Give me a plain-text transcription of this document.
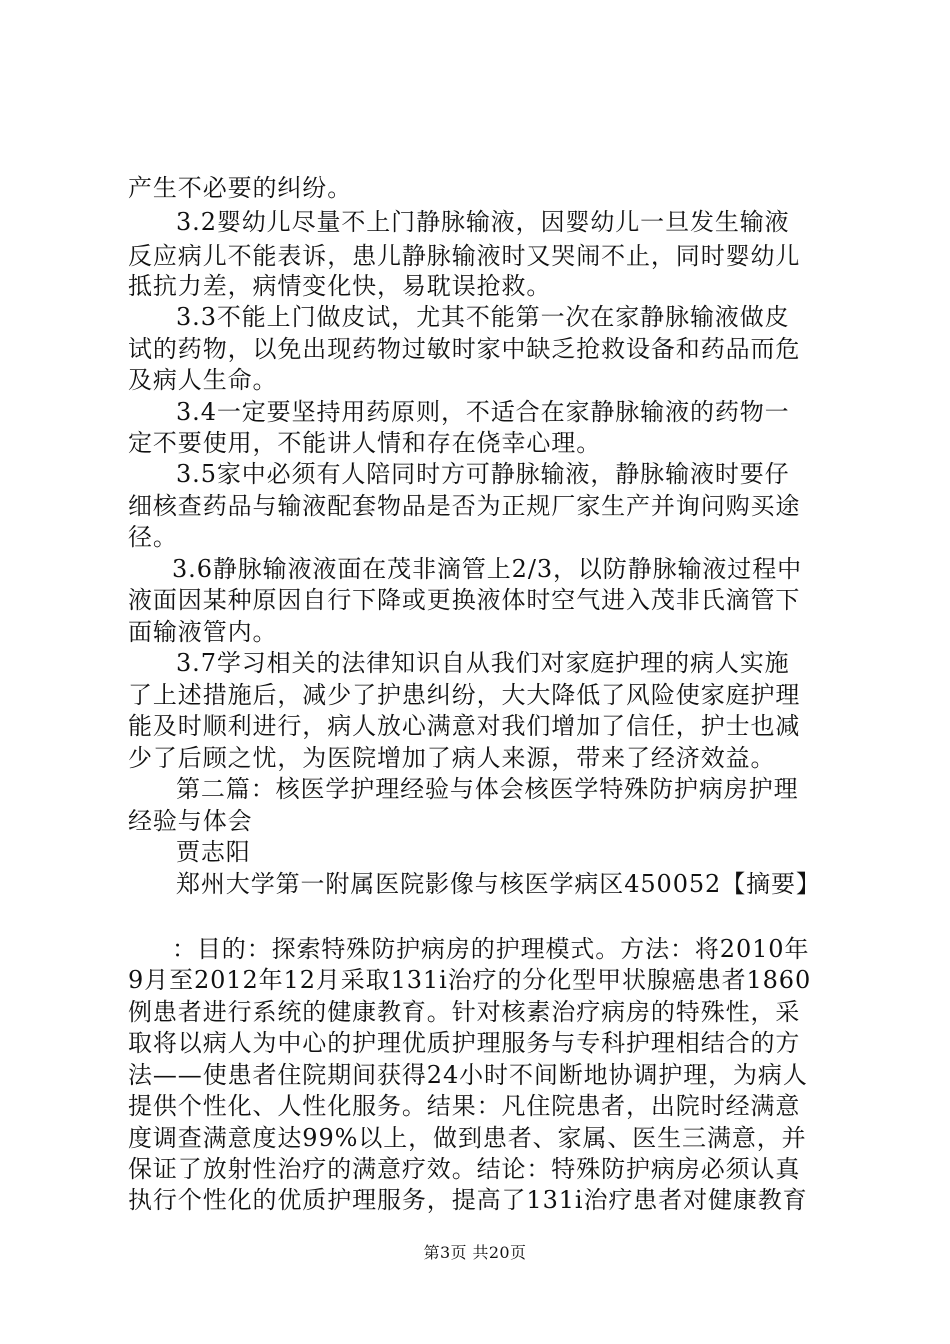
产生不必要的纠纷。
3.2婴幼儿尽量不上门静脉输液，因婴幼儿一旦发生输液
反应病儿不能表诉，患儿静脉输液时又哭闹不止，同时婴幼儿
抵抗力差，病情变化快，易耽误抢救。
3.3不能上门做皮试，尤其不能第一次在家静脉输液做皮
试的药物，以免出现药物过敏时家中缺乏抢救设备和药品而危
及病人生命。
3.4一定要坚持用药原则，不适合在家静脉输液的药物一
定不要使用，不能讲人情和存在侥幸心理。
3.5家中必须有人陪同时方可静脉输液，静脉输液时要仔
细核查药品与输液配套物品是否为正规厂家生产并询问购买途
径。
3.6静脉输液液面在茂非滴管上2/3，以防静脉输液过程中
液面因某种原因自行下降或更换液体时空气进入茂非氏滴管下
面输液管内。
3.7学习相关的法律知识自从我们对家庭护理的病人实施
了上述措施后，减少了护患纠纷，大大降低了风险使家庭护理
能及时顺利进行，病人放心满意对我们增加了信任，护士也减
少了后顾之忧，为医院增加了病人来源，带来了经济效益。
第二篇：核医学护理经验与体会核医学特殊防护病房护理
经验与体会
贾志阳
郑州大学第一附属医院影像与核医学病区450052【摘要】
：目的：探索特殊防护病房的护理模式。方法：将2010年
9月至2012年12月采取131i治疗的分化型甲状腺癌患者1860
例患者进行系统的健康教育。针对核素治疗病房的特殊性，采
取将以病人为中心的护理优质护理服务与专科护理相结合的方
法——使患者住院期间获得24小时不间断地协调护理，为病人
提供个性化、人性化服务。结果：凡住院患者，出院时经满意
度调查满意度达99%以上，做到患者、家属、医生三满意，并
保证了放射性治疗的满意疗效。结论：特殊防护病房必须认真
执行个性化的优质护理服务，提高了131i治疗患者对健康教育
第3页 共20页
